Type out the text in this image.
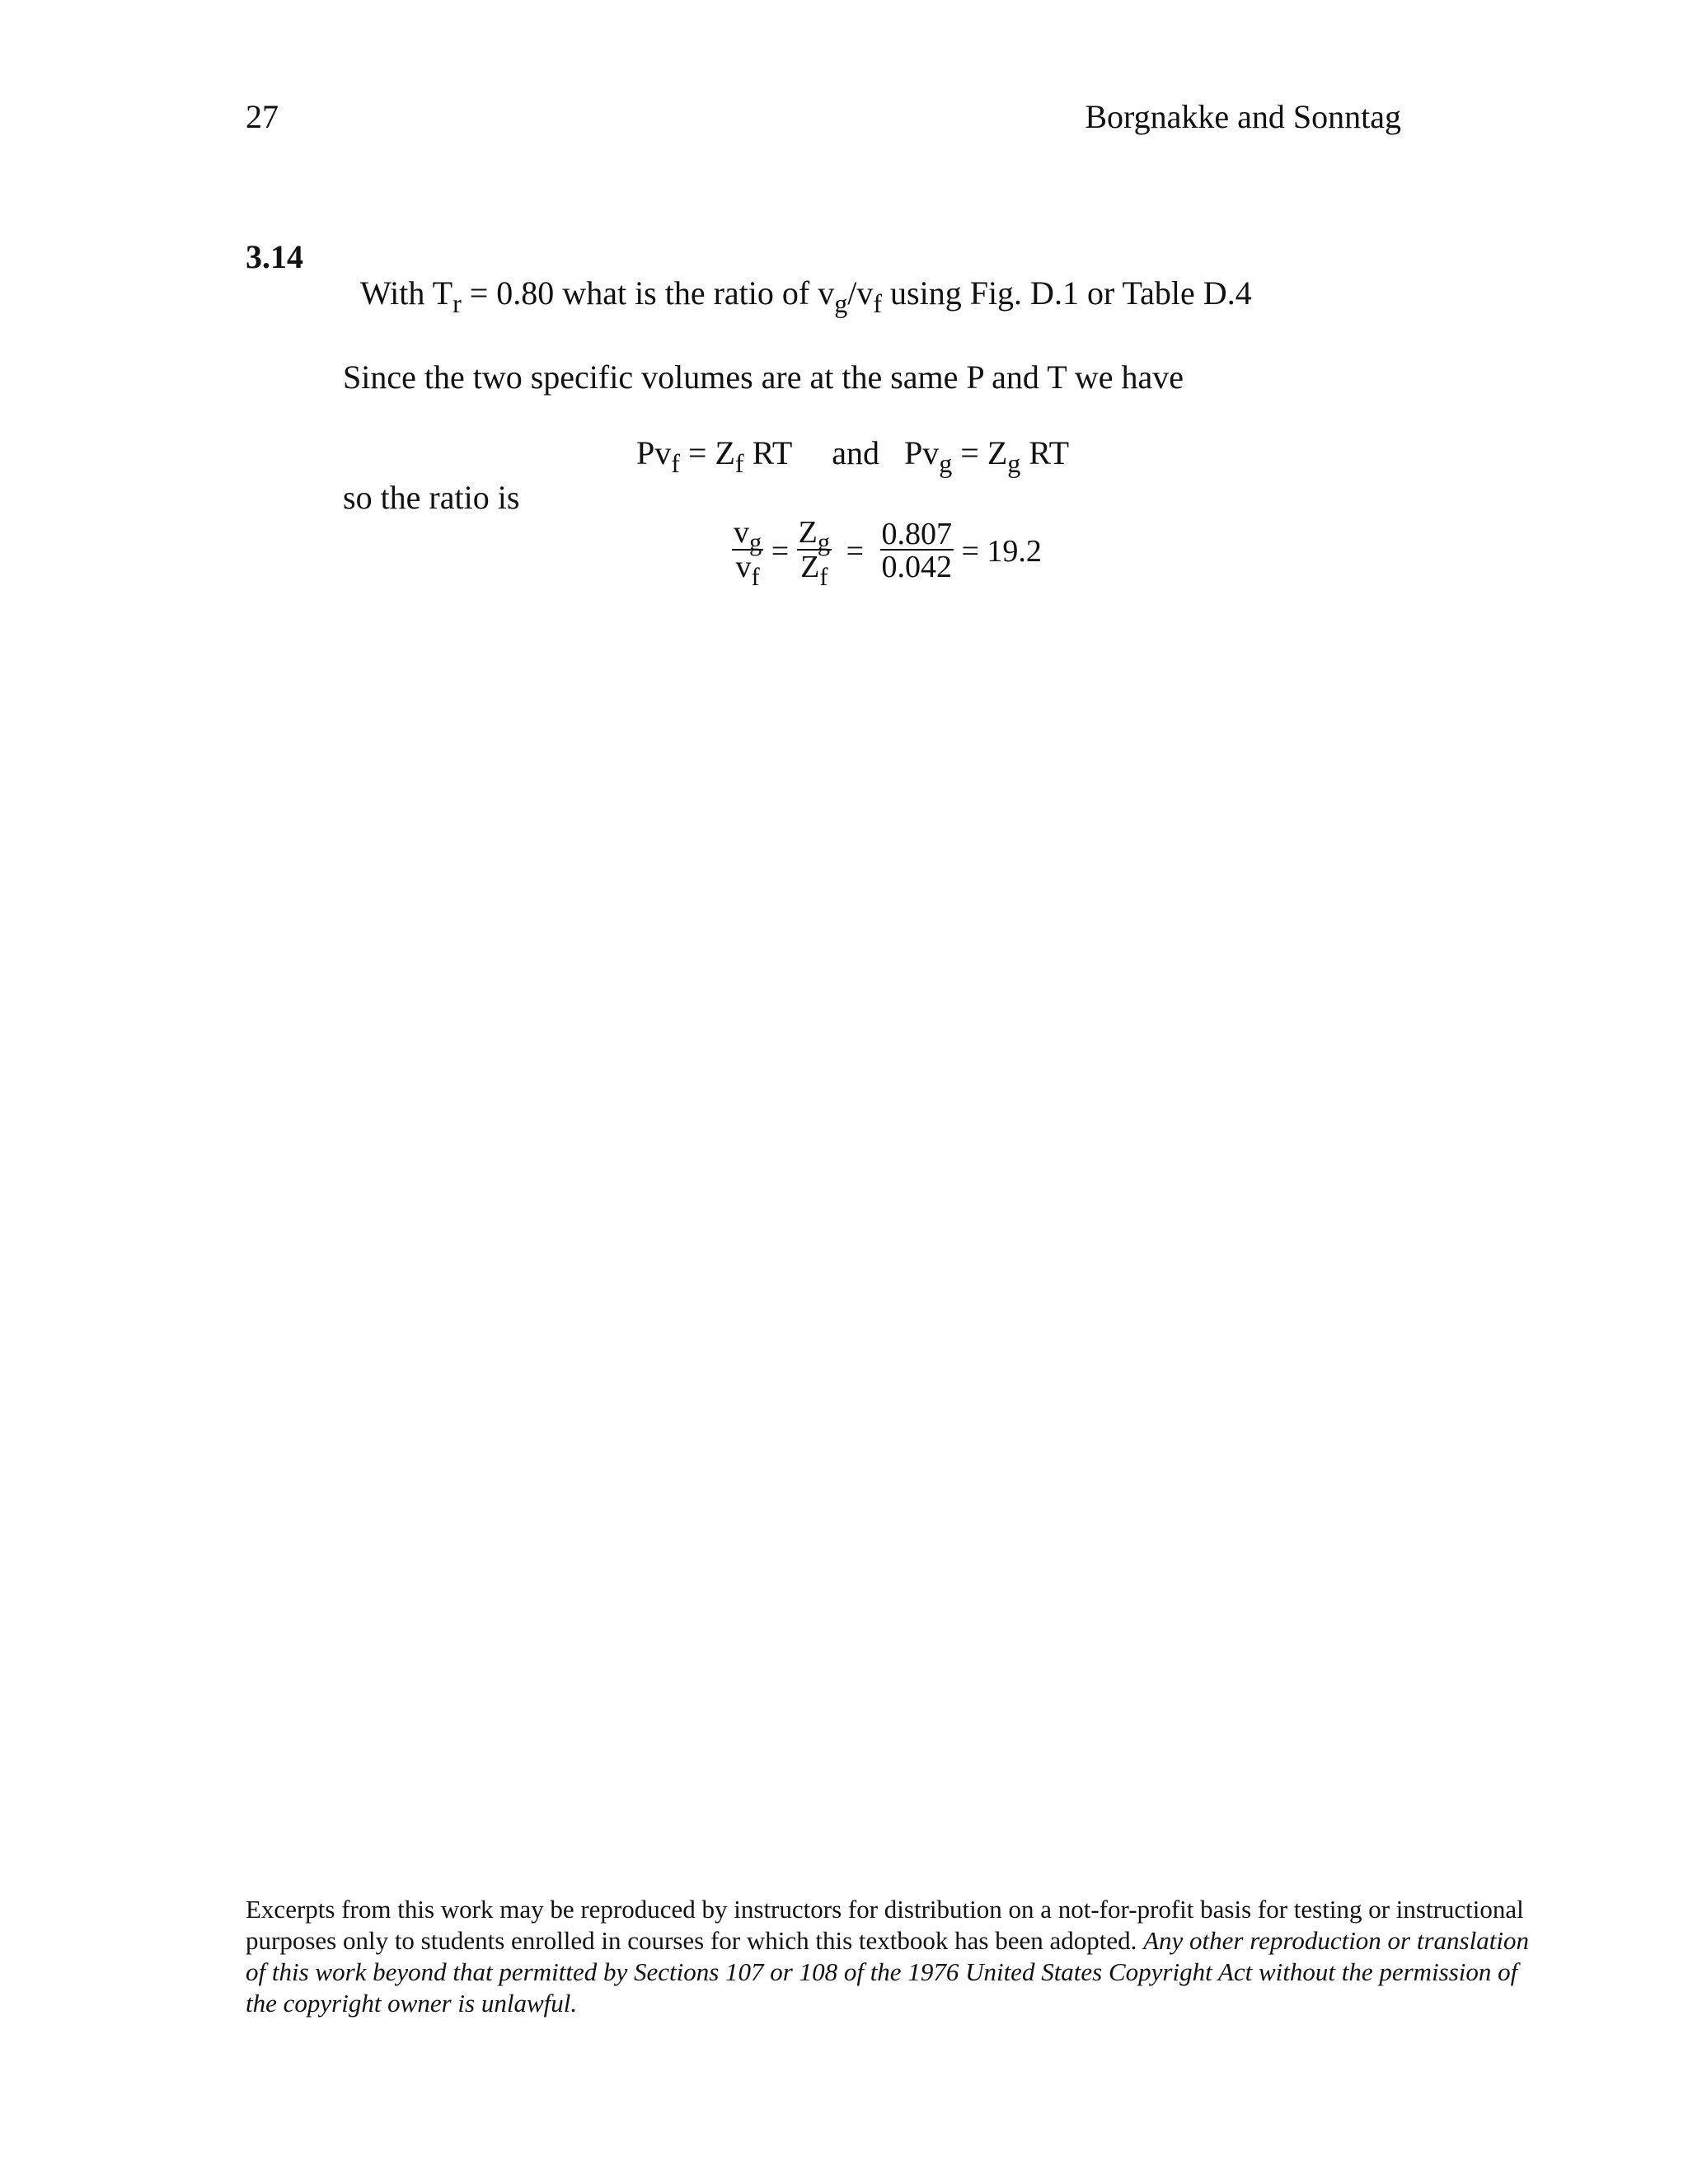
27	Borgnakke and Sonntag
3.14
With $T_r = 0.80$ what is the ratio of $v_g/v_f$ using Fig. D.1 or Table D.4
Since the two specific volumes are at the same P and T we have
$Pv_f = Z_f$ RT and $Pv_g = Z_g$ RT
so the ratio is
$\frac{v_g}{v_f} = \frac{Z_g}{Z_f} = \frac{0.807}{0.042} = 19.2$
Excerpts from this work may be reproduced by instructors for distribution on a not-for-profit basis for testing or instructional purposes only to students enrolled in courses for which this textbook has been adopted. Any other reproduction or translation of this work beyond that permitted by Sections 107 or 108 of the 1976 United States Copyright Act without the permission of the copyright owner is unlawful.
